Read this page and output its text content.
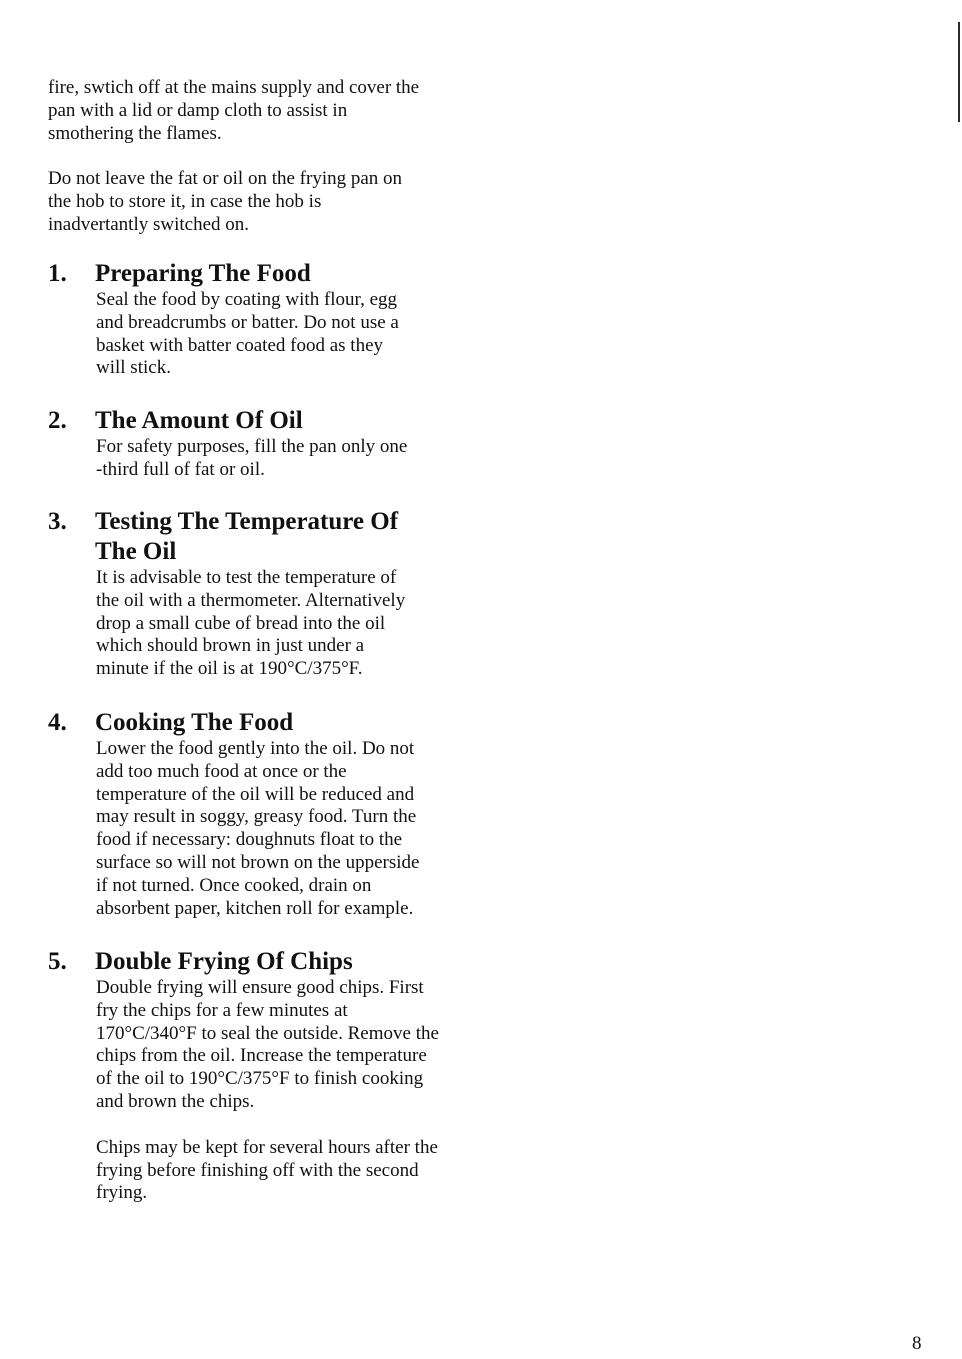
fire, swtich off at the mains supply and cover the
pan with a lid or damp cloth to assist in
smothering the flames.

Do not leave the fat or oil on the frying pan on
the hob to store it, in case the hob is
inadvertantly switched on.

1. Preparing The Food

Seal the food by coating with flour, egg
and breadcrumbs or batter. Do not use a
basket with batter coated food as they
will stick.

2. The Amount Of Oil

For safety purposes, fill the pan only one
-third full of fat or oil.

3. Testing The Temperature Of
The Oil

It is advisable to test the temperature of
the oil with a thermometer. Alternatively
drop a small cube of bread into the oil
which should brown in just under a
minute if the oil is at 190°C/375°F.

4. Cooking The Food

Lower the food gently into the oil. Do not
add too much food at once or the
temperature of the oil will be reduced and
may result in soggy, greasy food. Turn the
food if necessary: doughnuts float to the
surface so will not brown on the upperside
if not turned. Once cooked, drain on
absorbent paper, kitchen roll for example.

5. Double Frying Of Chips

Double frying will ensure good chips. First
fry the chips for a few minutes at
170°C/340°F to seal the outside. Remove the
chips from the oil. Increase the temperature
of the oil to 190°C/375°F to finish cooking
and brown the chips.

Chips may be kept for several hours after the
frying before finishing off with the second
frying.

8
